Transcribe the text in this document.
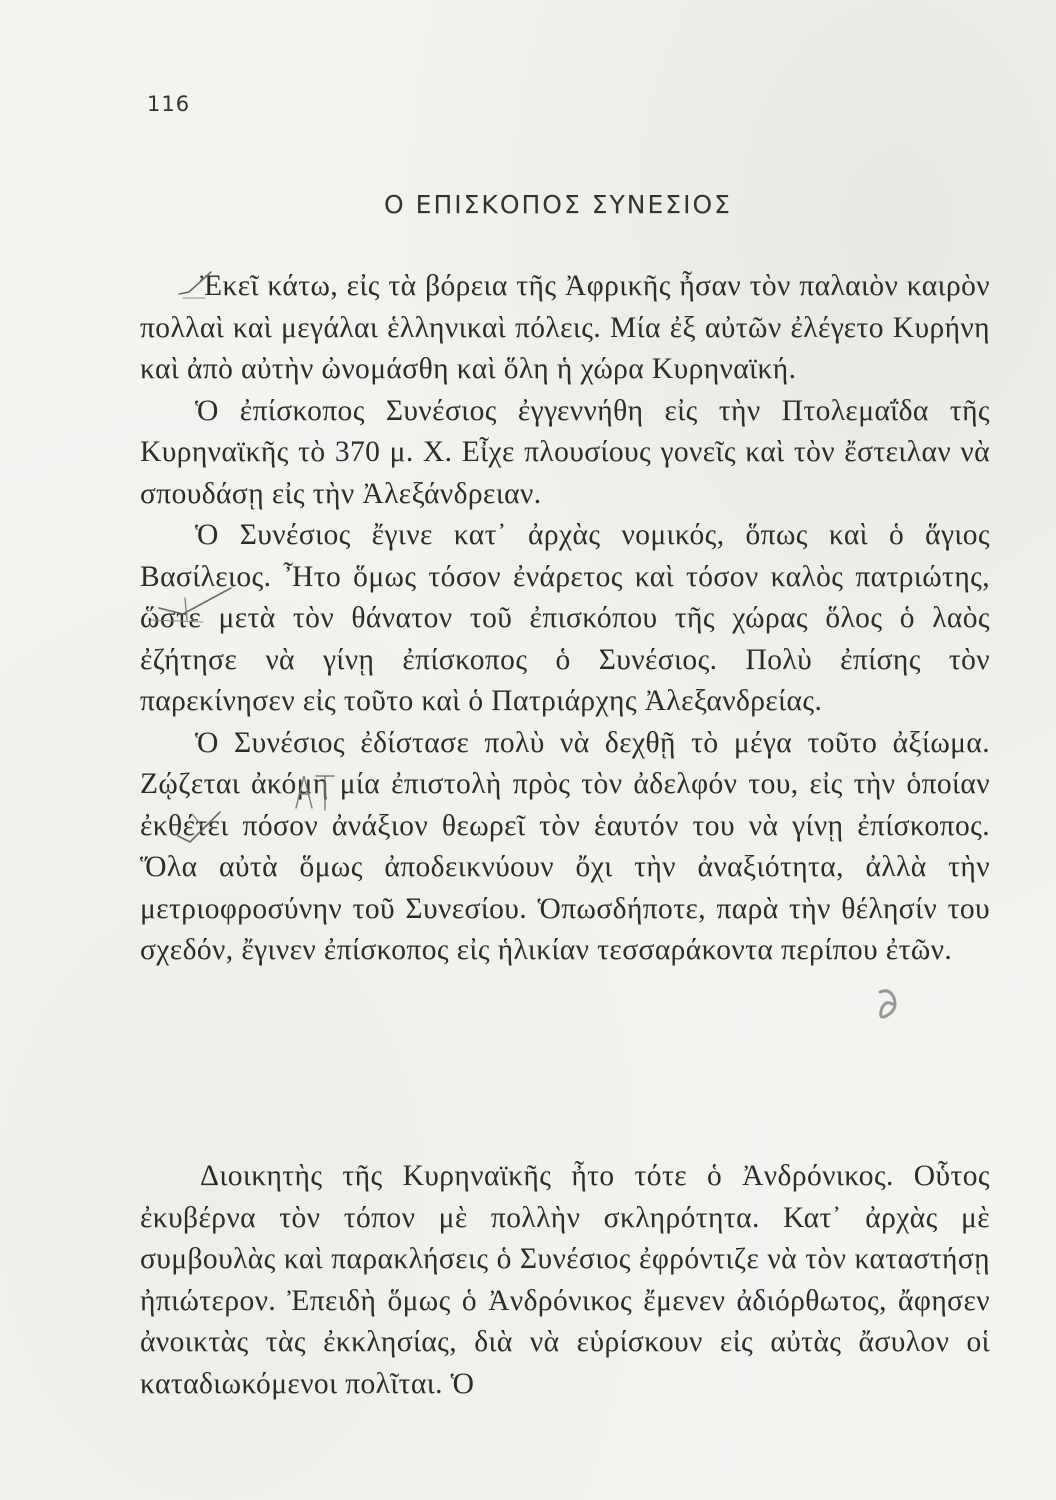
116
Ο ΕΠΙΣΚΟΠΟΣ ΣΥΝΕΣΙΟΣ

Ἐκεῖ κάτω, εἰς τὰ βόρεια τῆς Ἀφρικῆς ἦσαν τὸν παλαιὸν καιρὸν πολλαὶ καὶ μεγάλαι ἑλληνικαὶ πόλεις. Μία ἐξ αὐτῶν ἐλέγετο Κυρήνη καὶ ἀπὸ αὐτὴν ὠνομάσθη καὶ ὅλη ἡ χώρα Κυρηναϊκή.

Ὁ ἐπίσκοπος Συνέσιος ἐγγεννήθη εἰς τὴν Πτολεμαΐδα τῆς Κυρηναϊκῆς τὸ 370 μ. Χ. Εἶχε πλουσίους γονεῖς καὶ τὸν ἔστειλαν νὰ σπουδάσῃ εἰς τὴν Ἀλεξάνδρειαν.

Ὁ Συνέσιος ἔγινε κατ᾽ ἀρχὰς νομικός, ὅπως καὶ ὁ ἅγιος Βασίλειος. Ἦτο ὅμως τόσον ἐνάρετος καὶ τόσον καλὸς πατριώτης, ὥστε μετὰ τὸν θάνατον τοῦ ἐπισκόπου τῆς χώρας ὅλος ὁ λαὸς ἐζήτησε νὰ γίνῃ ἐπίσκοπος ὁ Συνέσιος. Πολὺ ἐπίσης τὸν παρεκίνησεν εἰς τοῦτο καὶ ὁ Πατριάρχης Ἀλεξανδρείας.

Ὁ Συνέσιος ἐδίστασε πολὺ νὰ δεχθῇ τὸ μέγα τοῦτο ἀξίωμα. Ζῴζεται ἀκόμη μία ἐπιστολὴ πρὸς τὸν ἀδελφόν του, εἰς τὴν ὁποίαν ἐκθέτει πόσον ἀνάξιον θεωρεῖ τὸν ἑαυτόν του νὰ γίνῃ ἐπίσκοπος. Ὅλα αὐτὰ ὅμως ἀποδεικνύουν ὄχι τὴν ἀναξιότητα, ἀλλὰ τὴν μετριοφροσύνην τοῦ Συνεσίου. Ὁπωσδήποτε, παρὰ τὴν θέλησίν του σχεδόν, ἔγινεν ἐπίσκοπος εἰς ἡλικίαν τεσσαράκοντα περίπου ἐτῶν.

Διοικητὴς τῆς Κυρηναϊκῆς ἦτο τότε ὁ Ἀνδρόνικος. Οὗτος ἐκυβέρνα τὸν τόπον μὲ πολλὴν σκληρότητα. Κατ᾽ ἀρχὰς μὲ συμβουλὰς καὶ παρακλήσεις ὁ Συνέσιος ἐφρόντιζε νὰ τὸν καταστήσῃ ἠπιώτερον. Ἐπειδὴ ὅμως ὁ Ἀνδρόνικος ἔμενεν ἀδιόρθωτος, ἄφησεν ἀνοικτὰς τὰς ἐκκλησίας, διὰ νὰ εὑρίσκουν εἰς αὐτὰς ἄσυλον οἱ καταδιωκόμενοι πολῖται. Ὁ
